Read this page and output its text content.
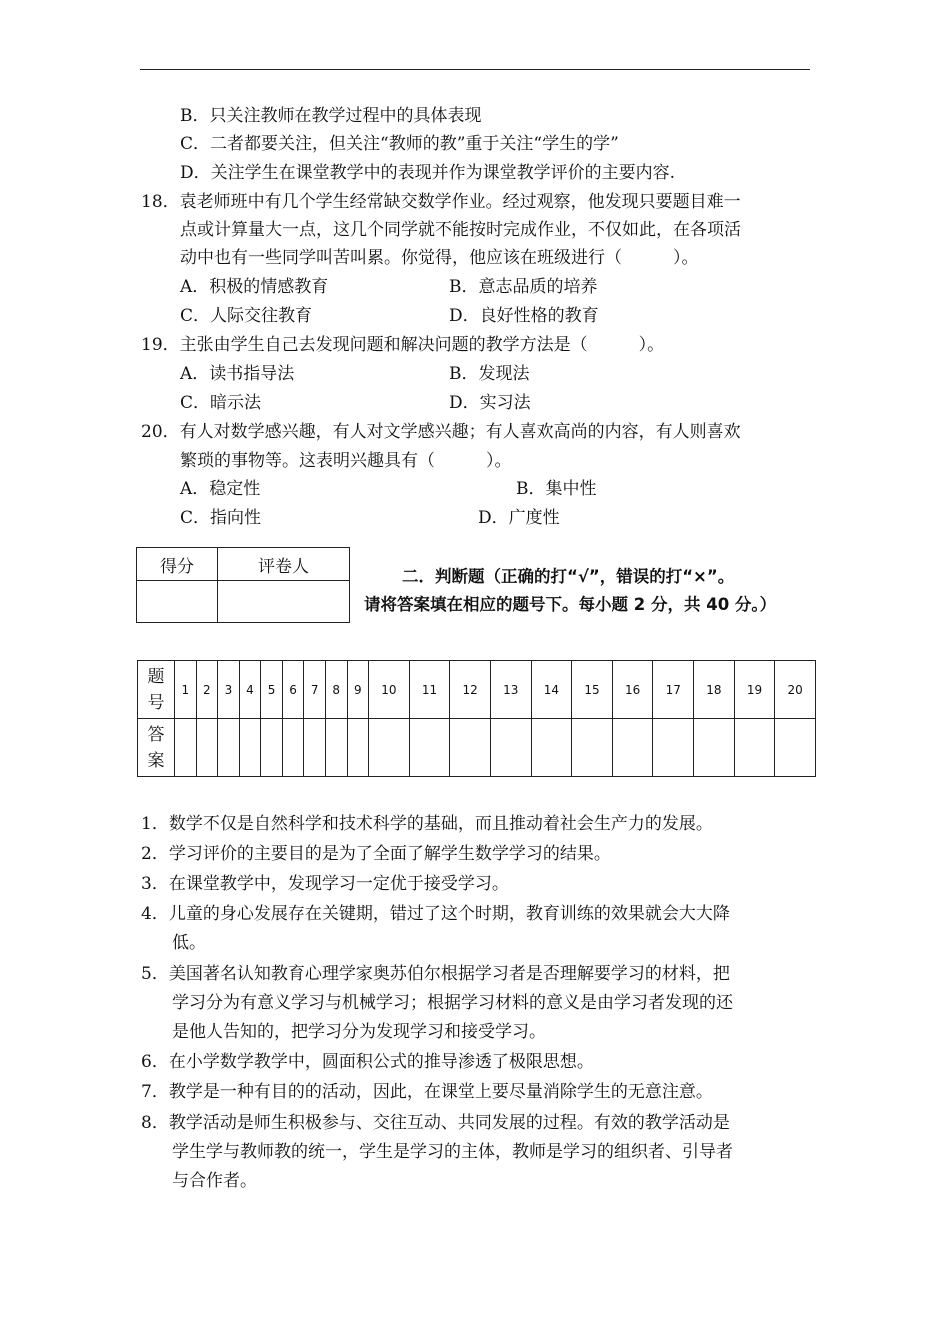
B．只关注教师在教学过程中的具体表现
C．二者都要关注，但关注“教师的教”重于关注“学生的学”
D．关注学生在课堂教学中的表现并作为课堂教学评价的主要内容.
18．袁老师班中有几个学生经常缺交数学作业。经过观察，他发现只要题目难一
点或计算量大一点，这几个同学就不能按时完成作业，不仅如此，在各项活
动中也有一些同学叫苦叫累。你觉得，他应该在班级进行（　　　）。
A．积极的情感教育	B．意志品质的培养
C．人际交往教育	D．良好性格的教育
19．主张由学生自己去发现问题和解决问题的教学方法是（　　　）。
A．读书指导法	B．发现法
C．暗示法	D．实习法
20．有人对数学感兴趣，有人对文学感兴趣；有人喜欢高尚的内容，有人则喜欢
繁琐的事物等。这表明兴趣具有（　　　）。
A．稳定性	B．集中性
C．指向性	D．广度性
得分	评卷人
		二．判断题（正确的打“√”，错误的打“×”。
请将答案填在相应的题号下。每小题 2 分，共 40 分。）
题
号	1	2	3	4	5	6	7	8	9	10	11	12	13	14	15	16	17	18	19	20
答
案																				
1．数学不仅是自然科学和技术科学的基础，而且推动着社会生产力的发展。
2．学习评价的主要目的是为了全面了解学生数学学习的结果。
3．在课堂教学中，发现学习一定优于接受学习。
4．儿童的身心发展存在关键期，错过了这个时期，教育训练的效果就会大大降
低。
5．美国著名认知教育心理学家奥苏伯尔根据学习者是否理解要学习的材料，把
学习分为有意义学习与机械学习；根据学习材料的意义是由学习者发现的还
是他人告知的，把学习分为发现学习和接受学习。
6．在小学数学教学中，圆面积公式的推导渗透了极限思想。
7．教学是一种有目的的活动，因此，在课堂上要尽量消除学生的无意注意。
8．教学活动是师生积极参与、交往互动、共同发展的过程。有效的教学活动是
学生学与教师教的统一，学生是学习的主体，教师是学习的组织者、引导者
与合作者。
